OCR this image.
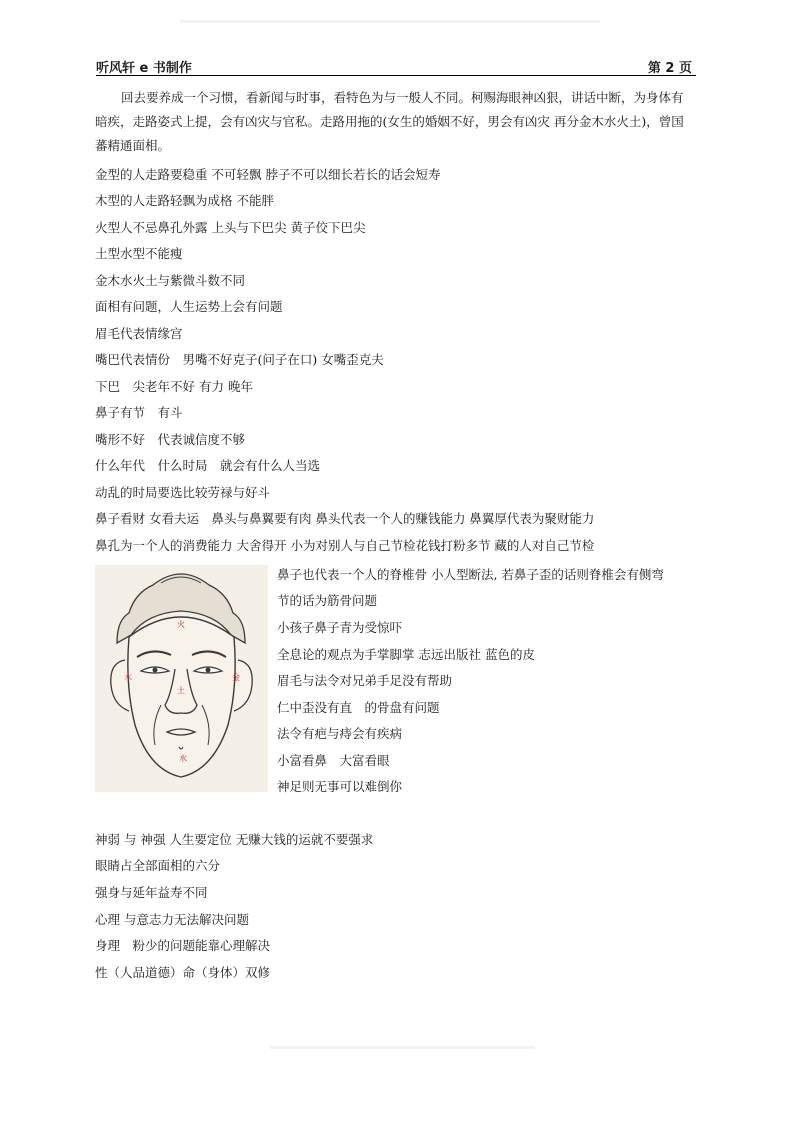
听风轩 e 书制作	第 2 页
回去要养成一个习惯，看新闻与时事，看特色为与一般人不同。柯赐海眼神凶狠，讲话中断，为身体有暗疾，走路姿式上提，会有凶灾与官私。走路用拖的(女生的婚姻不好，男会有凶灾 再分金木水火土)，曾国蕃精通面相。
金型的人走路要稳重 不可轻飘 脖子不可以细长若长的话会短寿
木型的人走路轻飘为成格 不能胖
火型人不忌鼻孔外露 上头与下巴尖 黄子佼下巴尖
土型水型不能瘦
金木水火土与紫微斗数不同
面相有问题，人生运势上会有问题
眉毛代表情缘宫
嘴巴代表情份　男嘴不好克子(问子在口) 女嘴歪克夫
下巴　尖老年不好 有力 晚年
鼻子有节　有斗
嘴形不好　代表诚信度不够
什么年代　什么时局　就会有什么人当选
动乱的时局要选比较劳禄与好斗
鼻子看财 女看夫运　鼻头与鼻翼要有肉 鼻头代表一个人的赚钱能力 鼻翼厚代表为聚财能力
鼻孔为一个人的消费能力 大舍得开 小为对别人与自己节检花钱打粉多节 藏的人对自己节检
火
木	金
土
水
鼻子也代表一个人的脊椎骨 小人型断法, 若鼻子歪的话则脊椎会有侧弯
节的话为筋骨问题
小孩子鼻子青为受惊吓
全息论的观点为手掌脚掌 志远出版社 蓝色的皮
眉毛与法令对兄弟手足没有帮助
仁中歪没有直　的骨盘有问题
法令有疤与痔会有疾病
小富看鼻　大富看眼
神足则无事可以难倒你
神弱 与 神强 人生要定位 无赚大钱的运就不要强求
眼睛占全部面相的六分
强身与延年益寿不同
心理 与意志力无法解决问题
身理　粉少的问题能靠心理解决
性（人品道德）命（身体）双修
